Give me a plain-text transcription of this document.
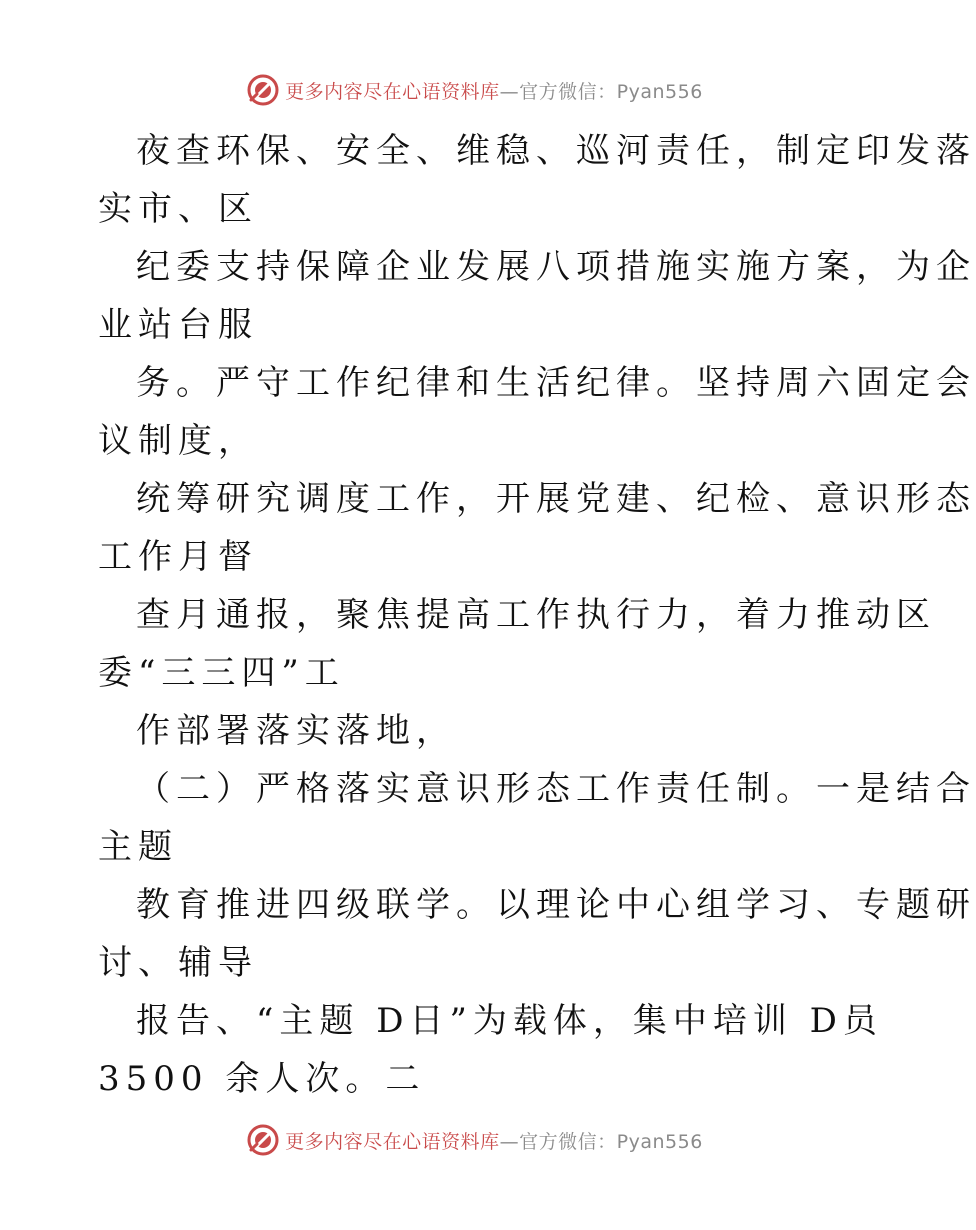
更多内容尽在心语资料库—官方微信：Pyan556
夜查环保、安全、维稳、巡河责任，制定印发落
实市、区
纪委支持保障企业发展八项措施实施方案，为企
业站台服
务。严守工作纪律和生活纪律。坚持周六固定会
议制度，
统筹研究调度工作，开展党建、纪检、意识形态
工作月督
查月通报，聚焦提高工作执行力，着力推动区
委“三三四”工
作部署落实落地，
（二）严格落实意识形态工作责任制。一是结合
主题
教育推进四级联学。以理论中心组学习、专题研
讨、辅导
报告、“主题 D日”为载体，集中培训 D员
3500 余人次。二
更多内容尽在心语资料库—官方微信：Pyan556
